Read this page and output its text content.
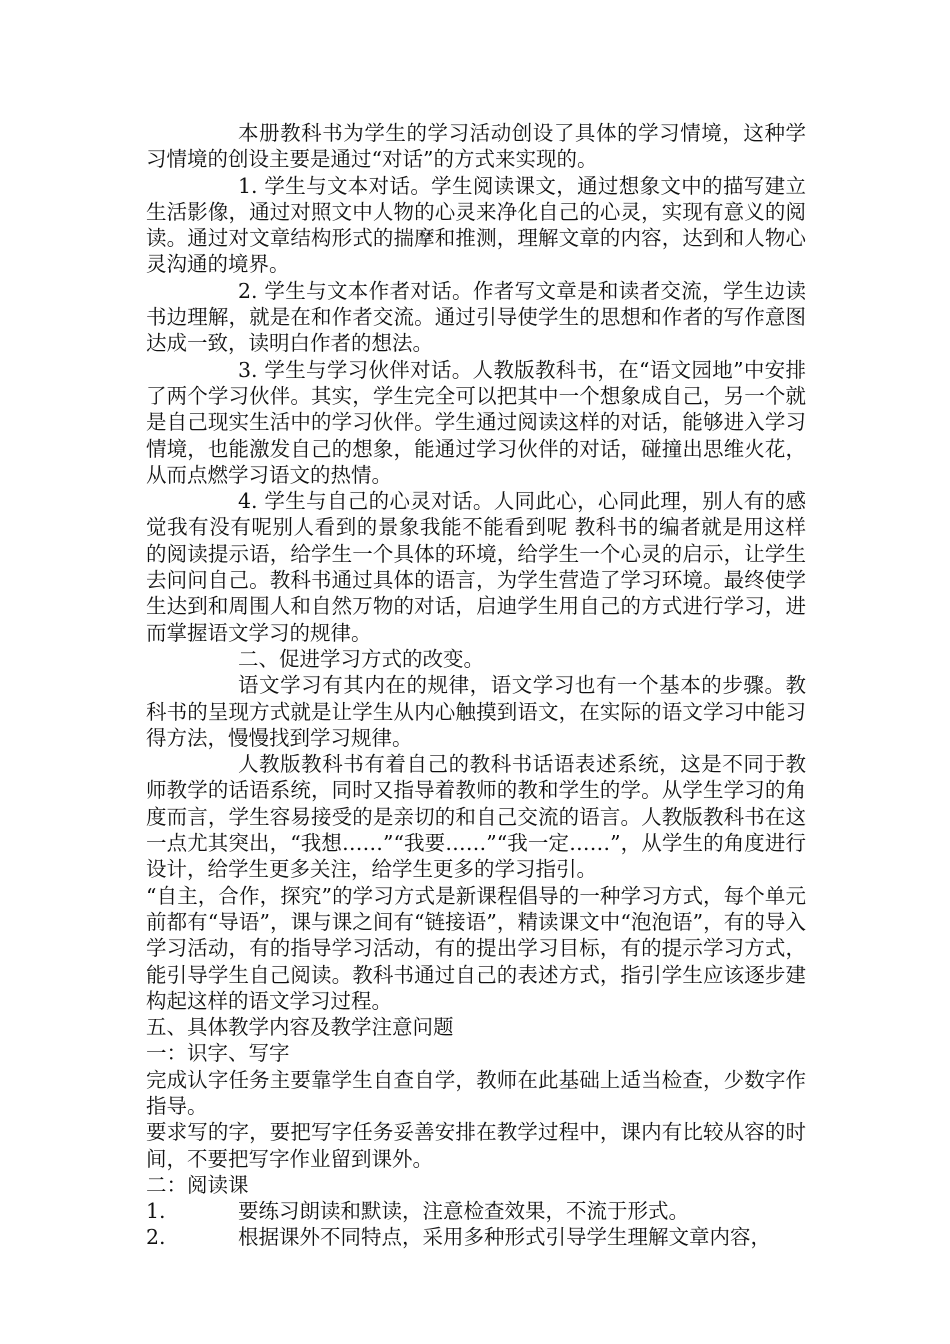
本册教科书为学生的学习活动创设了具体的学习情境，这种学习情境的创设主要是通过“对话”的方式来实现的。

1. 学生与文本对话。学生阅读课文，通过想象文中的描写建立生活影像，通过对照文中人物的心灵来净化自己的心灵，实现有意义的阅读。通过对文章结构形式的揣摩和推测，理解文章的内容，达到和人物心灵沟通的境界。

2. 学生与文本作者对话。作者写文章是和读者交流，学生边读书边理解，就是在和作者交流。通过引导使学生的思想和作者的写作意图达成一致，读明白作者的想法。

3. 学生与学习伙伴对话。人教版教科书，在“语文园地”中安排了两个学习伙伴。其实，学生完全可以把其中一个想象成自己，另一个就是自己现实生活中的学习伙伴。学生通过阅读这样的对话，能够进入学习情境，也能激发自己的想象，能通过学习伙伴的对话，碰撞出思维火花，从而点燃学习语文的热情。

4. 学生与自己的心灵对话。人同此心，心同此理，别人有的感觉我有没有呢别人看到的景象我能不能看到呢 教科书的编者就是用这样的阅读提示语，给学生一个具体的环境，给学生一个心灵的启示，让学生去问问自己。教科书通过具体的语言，为学生营造了学习环境。最终使学生达到和周围人和自然万物的对话，启迪学生用自己的方式进行学习，进而掌握语文学习的规律。

二、促进学习方式的改变。

语文学习有其内在的规律，语文学习也有一个基本的步骤。教科书的呈现方式就是让学生从内心触摸到语文，在实际的语文学习中能习得方法，慢慢找到学习规律。

人教版教科书有着自己的教科书话语表述系统，这是不同于教师教学的话语系统，同时又指导着教师的教和学生的学。从学生学习的角度而言，学生容易接受的是亲切的和自己交流的语言。人教版教科书在这一点尤其突出，“我想……”“我要……”“我一定……”，从学生的角度进行设计，给学生更多关注，给学生更多的学习指引。

“自主，合作，探究”的学习方式是新课程倡导的一种学习方式，每个单元前都有“导语”，课与课之间有“链接语”，精读课文中“泡泡语”，有的导入学习活动，有的指导学习活动，有的提出学习目标，有的提示学习方式，能引导学生自己阅读。教科书通过自己的表述方式，指引学生应该逐步建构起这样的语文学习过程。

五、具体教学内容及教学注意问题

一：识字、写字

完成认字任务主要靠学生自查自学，教师在此基础上适当检查，少数字作指导。

要求写的字，要把写字任务妥善安排在教学过程中，课内有比较从容的时间，不要把写字作业留到课外。

二：阅读课

1.	要练习朗读和默读，注意检查效果，不流于形式。
2.	根据课外不同特点，采用多种形式引导学生理解文章内容，
